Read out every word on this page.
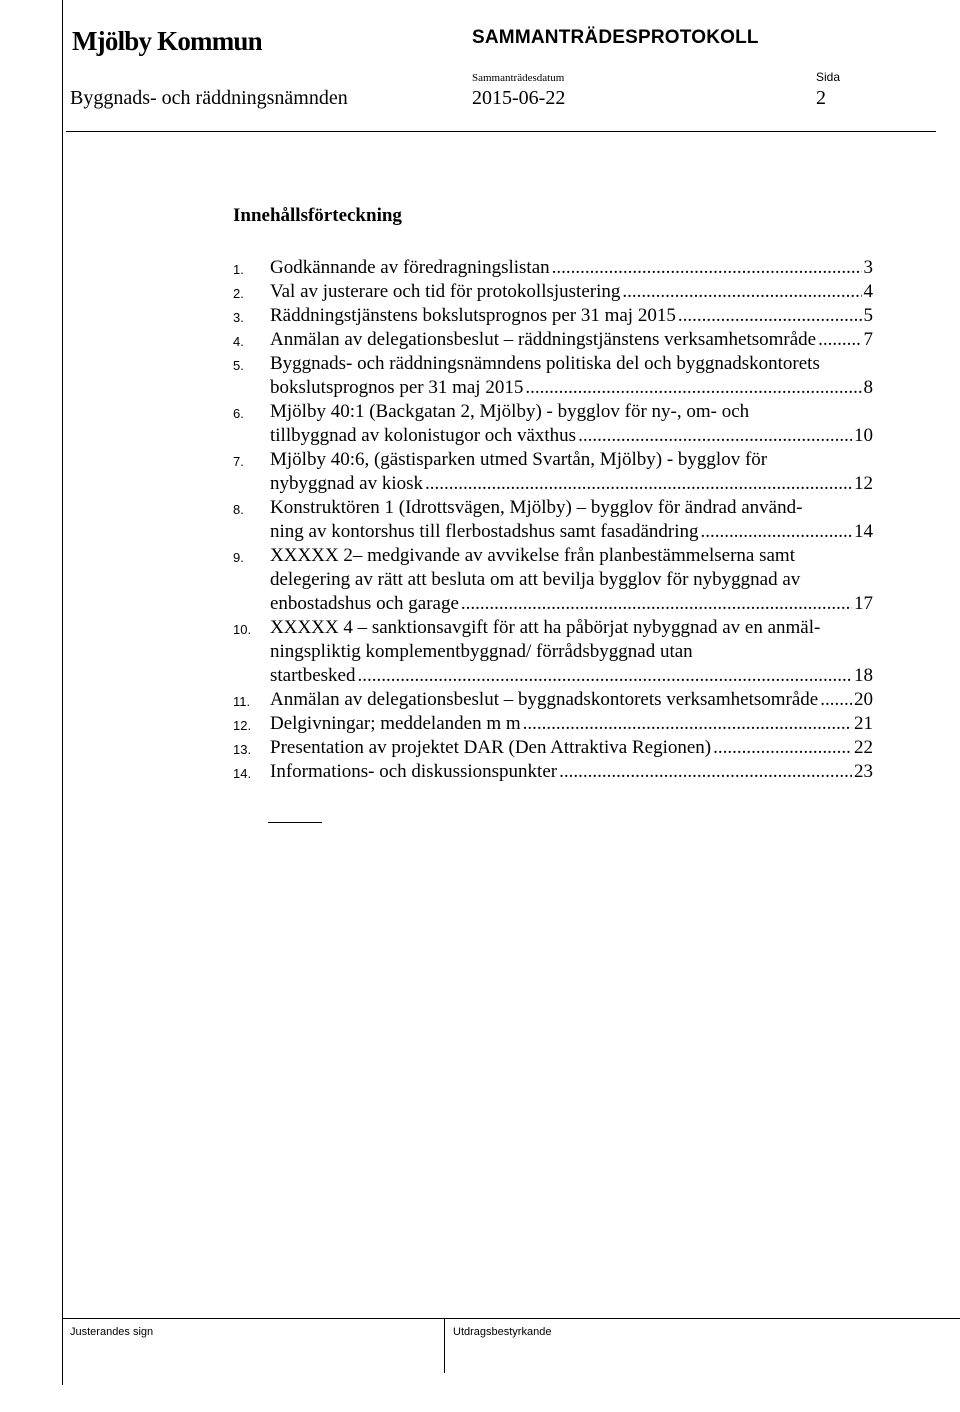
Mjölby Kommun	SAMMANTRÄDESPROTOKOLL
Byggnads- och räddningsnämnden
Sammanträdesdatum
2015-06-22
Sida
2
Innehållsförteckning
1. Godkännande av föredragningslistan .....	3
2. Val av justerare och tid för protokollsjustering .....	4
3. Räddningstjänstens bokslutsprognos per 31 maj 2015 .....	5
4. Anmälan av delegationsbeslut – räddningstjänstens verksamhetsområde ..... 7
5. Byggnads- och räddningsnämndens politiska del och byggnadskontorets
bokslutsprognos per 31 maj 2015 .....	8
6. Mjölby 40:1 (Backgatan 2, Mjölby) - bygglov för ny-, om- och
tillbyggnad av kolonistugor och växthus .....	10
7. Mjölby 40:6, (gästisparken utmed Svartån, Mjölby) - bygglov för
nybyggnad av kiosk .....	12
8. Konstruktören 1 (Idrottsvägen, Mjölby) – bygglov för ändrad använd-
ning av kontorshus till flerbostadshus samt fasadändring .....	14
9. XXXXX 2– medgivande av avvikelse från planbestämmelserna samt
delegering av rätt att besluta om att bevilja bygglov för nybyggnad av
enbostadshus och garage .....	17
10. XXXXX 4 – sanktionsavgift för att ha påbörjat nybyggnad av en anmäl-
ningspliktig komplementbyggnad/ förrådsbyggnad utan
startbesked .....	18
11. Anmälan av delegationsbeslut – byggnadskontorets verksamhetsområde ..... 20
12. Delgivningar; meddelanden m m .....	21
13. Presentation av projektet DAR (Den Attraktiva Regionen) .....	22
14. Informations- och diskussionspunkter .....	23
Justerandes sign	Utdragsbestyrkande
